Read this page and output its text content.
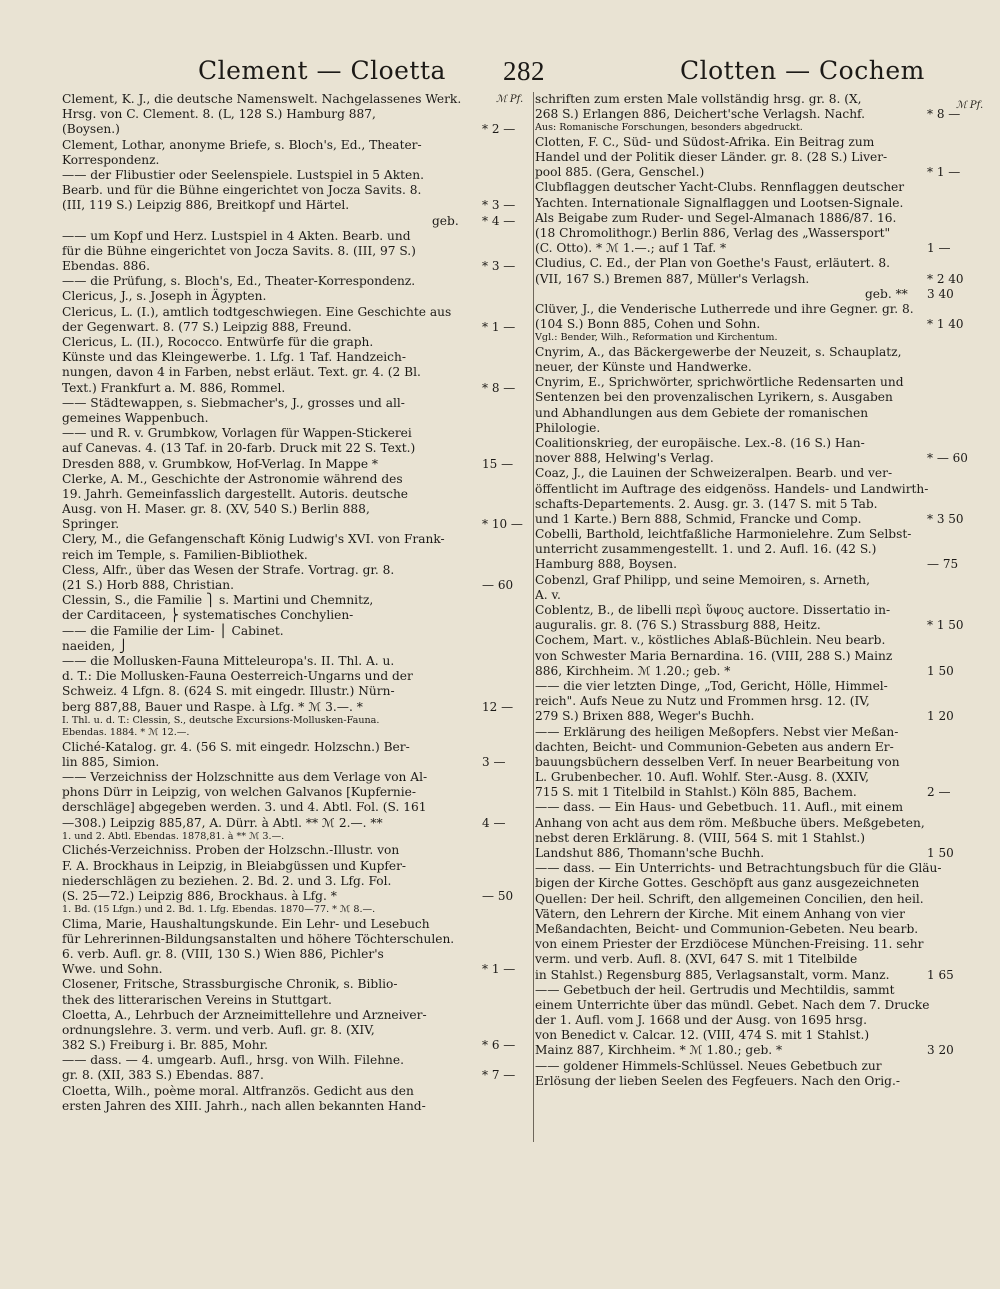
Clement — Cloetta 282	Clotten — Cochem
ℳ Pf.
ℳ Pf.
Clement, K. J., die deutsche Namenswelt. Nachgelassenes Werk.
Hrsg. von C. Clement. 8. (L, 128 S.) Hamburg 887,
(Boysen.)	* 2 —
Clement, Lothar, anonyme Briefe, s. Bloch's, Ed., Theater-
Korrespondenz.
—— der Flibustier oder Seelenspiele. Lustspiel in 5 Akten.
Bearb. und für die Bühne eingerichtet von Jocza Savits. 8.
(III, 119 S.) Leipzig 886, Breitkopf und Härtel.	* 3 —
geb. * 4 —
—— um Kopf und Herz. Lustspiel in 4 Akten. Bearb. und
für die Bühne eingerichtet von Jocza Savits. 8. (III, 97 S.)
Ebendas. 886.	* 3 —
—— die Prüfung, s. Bloch's, Ed., Theater-Korrespondenz.
Clericus, J., s. Joseph in Ägypten.
Clericus, L. (I.), amtlich todtgeschwiegen. Eine Geschichte aus
der Gegenwart. 8. (77 S.) Leipzig 888, Freund.	* 1 —
Clericus, L. (II.), Rococco. Entwürfe für die graph.
Künste und das Kleingewerbe. 1. Lfg. 1 Taf. Handzeich-
nungen, davon 4 in Farben, nebst erläut. Text. gr. 4. (2 Bl.
Text.) Frankfurt a. M. 886, Rommel.	* 8 —
—— Städtewappen, s. Siebmacher's, J., grosses und all-
gemeines Wappenbuch.
—— und R. v. Grumbkow, Vorlagen für Wappen-Stickerei
auf Canevas. 4. (13 Taf. in 20-farb. Druck mit 22 S. Text.)
Dresden 888, v. Grumbkow, Hof-Verlag. In Mappe *	15 —
Clerke, A. M., Geschichte der Astronomie während des
19. Jahrh. Gemeinfasslich dargestellt. Autoris. deutsche
Ausg. von H. Maser. gr. 8. (XV, 540 S.) Berlin 888,
Springer.	* 10 —
Clery, M., die Gefangenschaft König Ludwig's XVI. von Frank-
reich im Temple, s. Familien-Bibliothek.
Cless, Alfr., über das Wesen der Strafe. Vortrag. gr. 8.
(21 S.) Horb 888, Christian.	— 60
Clessin, S., die Familie ⎫ s. Martini und Chemnitz,
der Carditaceen, ⎬ systematisches Conchylien-
—— die Familie der Lim- ⎪ Cabinet.
naeiden, ⎭
—— die Mollusken-Fauna Mitteleuropa's. II. Thl. A. u.
d. T.: Die Mollusken-Fauna Oesterreich-Ungarns und der
Schweiz. 4 Lfgn. 8. (624 S. mit eingedr. Illustr.) Nürn-
berg 887,88, Bauer und Raspe. à Lfg. * ℳ 3.—. *	12 —
I. Thl. u. d. T.: Clessin, S., deutsche Excursions-Mollusken-Fauna.
Ebendas. 1884. * ℳ 12.—.
Cliché-Katalog. gr. 4. (56 S. mit eingedr. Holzschn.) Ber-
lin 885, Simion.	3 —
—— Verzeichniss der Holzschnitte aus dem Verlage von Al-
phons Dürr in Leipzig, von welchen Galvanos [Kupfernie-
derschläge] abgegeben werden. 3. und 4. Abtl. Fol. (S. 161
—308.) Leipzig 885,87, A. Dürr. à Abtl. ** ℳ 2.—. **	4 —
1. und 2. Abtl. Ebendas. 1878,81. à ** ℳ 3.—.
Clichés-Verzeichniss. Proben der Holzschn.-Illustr. von
F. A. Brockhaus in Leipzig, in Bleiabgüssen und Kupfer-
niederschlägen zu beziehen. 2. Bd. 2. und 3. Lfg. Fol.
(S. 25—72.) Leipzig 886, Brockhaus. à Lfg. *	— 50
1. Bd. (15 Lfgn.) und 2. Bd. 1. Lfg. Ebendas. 1870—77. * ℳ 8.—.
Clima, Marie, Haushaltungskunde. Ein Lehr- und Lesebuch
für Lehrerinnen-Bildungsanstalten und höhere Töchterschulen.
6. verb. Aufl. gr. 8. (VIII, 130 S.) Wien 886, Pichler's
Wwe. und Sohn.	* 1 —
Closener, Fritsche, Strassburgische Chronik, s. Biblio-
thek des litterarischen Vereins in Stuttgart.
Cloetta, A., Lehrbuch der Arzneimittellehre und Arzneiver-
ordnungslehre. 3. verm. und verb. Aufl. gr. 8. (XIV,
382 S.) Freiburg i. Br. 885, Mohr.	* 6 —
—— dass. — 4. umgearb. Aufl., hrsg. von Wilh. Filehne.
gr. 8. (XII, 383 S.) Ebendas. 887.	* 7 —
Cloetta, Wilh., poème moral. Altfranzös. Gedicht aus den
ersten Jahren des XIII. Jahrh., nach allen bekannten Hand-
schriften zum ersten Male vollständig hrsg. gr. 8. (X,
268 S.) Erlangen 886, Deichert'sche Verlagsh. Nachf.	* 8 —
Aus: Romanische Forschungen, besonders abgedruckt.
Clotten, F. C., Süd- und Südost-Afrika. Ein Beitrag zum
Handel und der Politik dieser Länder. gr. 8. (28 S.) Liver-
pool 885. (Gera, Genschel.)	* 1 —
Clubflaggen deutscher Yacht-Clubs. Rennflaggen deutscher
Yachten. Internationale Signalflaggen und Lootsen-Signale.
Als Beigabe zum Ruder- und Segel-Almanach 1886/87. 16.
(18 Chromolithogr.) Berlin 886, Verlag des „Wassersport"
(C. Otto). * ℳ 1.—.; auf 1 Taf. *	1 —
Cludius, C. Ed., der Plan von Goethe's Faust, erläutert. 8.
(VII, 167 S.) Bremen 887, Müller's Verlagsh.	* 2 40
geb. ** 3 40
Clüver, J., die Venderische Lutherrede und ihre Gegner. gr. 8.
(104 S.) Bonn 885, Cohen und Sohn.	* 1 40
Vgl.: Bender, Wilh., Reformation und Kirchentum.
Cnyrim, A., das Bäckergewerbe der Neuzeit, s. Schauplatz,
neuer, der Künste und Handwerke.
Cnyrim, E., Sprichwörter, sprichwörtliche Redensarten und
Sentenzen bei den provenzalischen Lyrikern, s. Ausgaben
und Abhandlungen aus dem Gebiete der romanischen
Philologie.
Coalitionskrieg, der europäische. Lex.-8. (16 S.) Han-
nover 888, Helwing's Verlag.	* — 60
Coaz, J., die Lauinen der Schweizeralpen. Bearb. und ver-
öffentlicht im Auftrage des eidgenöss. Handels- und Landwirth-
schafts-Departements. 2. Ausg. gr. 3. (147 S. mit 5 Tab.
und 1 Karte.) Bern 888, Schmid, Francke und Comp.	* 3 50
Cobelli, Barthold, leichtfaßliche Harmonielehre. Zum Selbst-
unterricht zusammengestellt. 1. und 2. Aufl. 16. (42 S.)
Hamburg 888, Boysen.	— 75
Cobenzl, Graf Philipp, und seine Memoiren, s. Arneth,
A. v.
Coblentz, B., de libelli περὶ ὕψους auctore. Dissertatio in-
auguralis. gr. 8. (76 S.) Strassburg 888, Heitz.	* 1 50
Cochem, Mart. v., köstliches Ablaß-Büchlein. Neu bearb.
von Schwester Maria Bernardina. 16. (VIII, 288 S.) Mainz
886, Kirchheim. ℳ 1.20.; geb. *	1 50
—— die vier letzten Dinge, „Tod, Gericht, Hölle, Himmel-
reich". Aufs Neue zu Nutz und Frommen hrsg. 12. (IV,
279 S.) Brixen 888, Weger's Buchh.	1 20
—— Erklärung des heiligen Meßopfers. Nebst vier Meßan-
dachten, Beicht- und Communion-Gebeten aus andern Er-
bauungsbüchern desselben Verf. In neuer Bearbeitung von
L. Grubenbecher. 10. Aufl. Wohlf. Ster.-Ausg. 8. (XXIV,
715 S. mit 1 Titelbild in Stahlst.) Köln 885, Bachem.	2 —
—— dass. — Ein Haus- und Gebetbuch. 11. Aufl., mit einem
Anhang von acht aus dem röm. Meßbuche übers. Meßgebeten,
nebst deren Erklärung. 8. (VIII, 564 S. mit 1 Stahlst.)
Landshut 886, Thomann'sche Buchh.	1 50
—— dass. — Ein Unterrichts- und Betrachtungsbuch für die Gläu-
bigen der Kirche Gottes. Geschöpft aus ganz ausgezeichneten
Quellen: Der heil. Schrift, den allgemeinen Concilien, den heil.
Vätern, den Lehrern der Kirche. Mit einem Anhang von vier
Meßandachten, Beicht- und Communion-Gebeten. Neu bearb.
von einem Priester der Erzdiöcese München-Freising. 11. sehr
verm. und verb. Aufl. 8. (XVI, 647 S. mit 1 Titelbilde
in Stahlst.) Regensburg 885, Verlagsanstalt, vorm. Manz.	1 65
—— Gebetbuch der heil. Gertrudis und Mechtildis, sammt
einem Unterrichte über das mündl. Gebet. Nach dem 7. Drucke
der 1. Aufl. vom J. 1668 und der Ausg. von 1695 hrsg.
von Benedict v. Calcar. 12. (VIII, 474 S. mit 1 Stahlst.)
Mainz 887, Kirchheim. * ℳ 1.80.; geb. *	3 20
—— goldener Himmels-Schlüssel. Neues Gebetbuch zur
Erlösung der lieben Seelen des Fegfeuers. Nach den Orig.-
